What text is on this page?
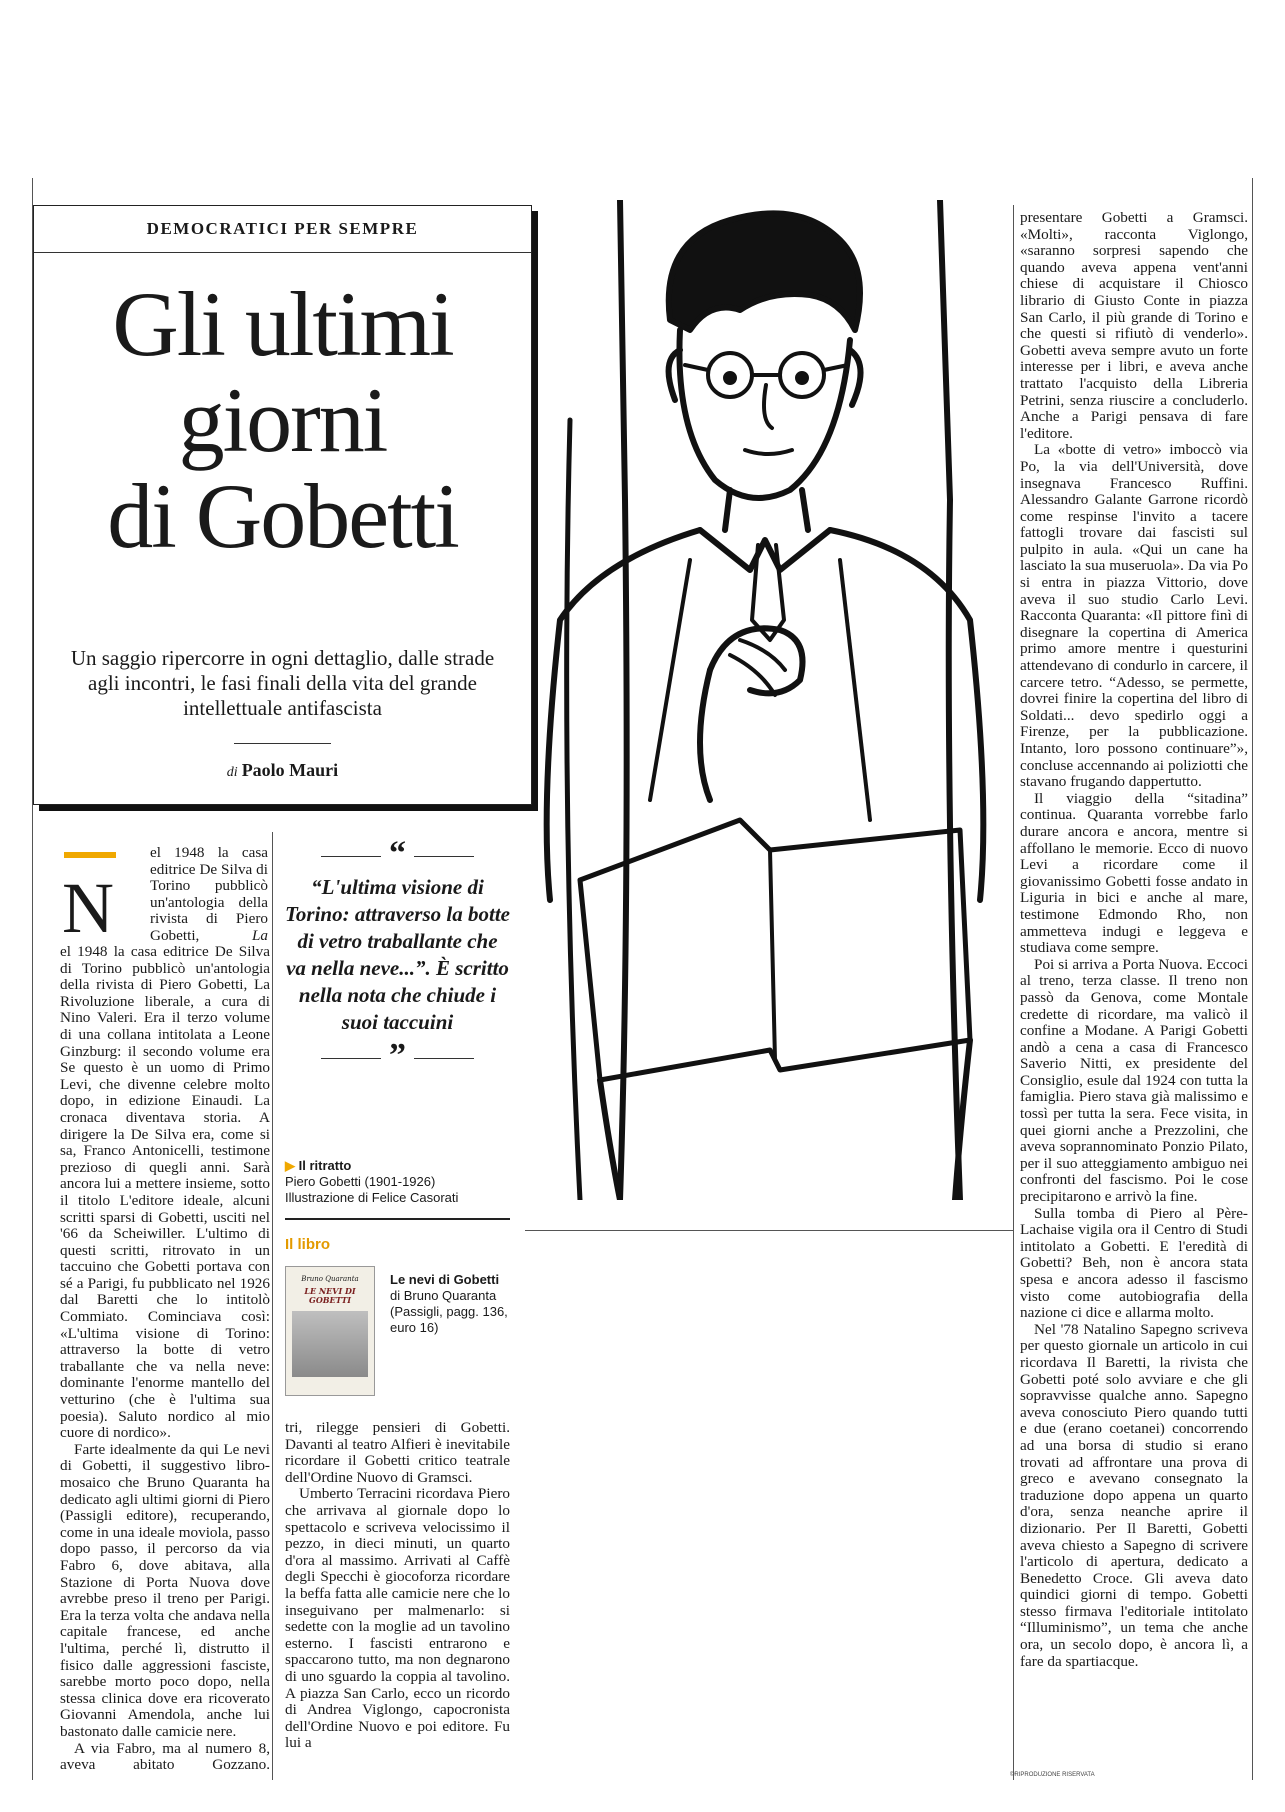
DEMOCRATICI PER SEMPRE
Gli ultimi
giorni
di Gobetti
Un saggio ripercorre in ogni dettaglio, dalle strade agli incontri, le fasi finali della vita del grande intellettuale antifascista
di Paolo Mauri
N

el 1948 la casa editrice De Silva di Torino pubblicò un'antologia della rivista di Piero Gobetti, La

el 1948 la casa editrice De Silva di Torino pubblicò un'antologia della rivista di Piero Gobetti, La Rivoluzione liberale, a cura di Nino Valeri. Era il terzo volume di una collana intitolata a Leone Ginzburg: il secondo volume era Se questo è un uomo di Primo Levi, che divenne celebre molto dopo, in edizione Einaudi. La cronaca diventava storia. A dirigere la De Silva era, come si sa, Franco Antonicelli, testimone prezioso di quegli anni. Sarà ancora lui a mettere insieme, sotto il titolo L'editore ideale, alcuni scritti sparsi di Gobetti, usciti nel '66 da Scheiwiller. L'ultimo di questi scritti, ritrovato in un taccuino che Gobetti portava con sé a Parigi, fu pubblicato nel 1926 dal Baretti che lo intitolò Commiato. Cominciava così: «L'ultima visione di Torino: attraverso la botte di vetro traballante che va nella neve: dominante l'enorme mantello del vetturino (che è l'ultima sua poesia). Saluto nordico al mio cuore di nordico».

Farte idealmente da qui Le nevi di Gobetti, il suggestivo libro-mosaico che Bruno Quaranta ha dedicato agli ultimi giorni di Piero (Passigli editore), recuperando, come in una ideale moviola, passo dopo passo, il percorso da via Fabro 6, dove abitava, alla Stazione di Porta Nuova dove avrebbe preso il treno per Parigi. Era la terza volta che andava nella capitale francese, ed anche l'ultima, perché lì, distrutto il fisico dalle aggressioni fasciste, sarebbe morto poco dopo, nella stessa clinica dove era ricoverato Giovanni Amendola, anche lui bastonato dalle camicie nere.

A via Fabro, ma al numero 8, aveva abitato Gozzano.

“
“L'ultima visione di Torino: attraverso la botte di vetro traballante che va nella neve...”. È scritto nella nota che chiude i suoi taccuini
”
▶ Il ritratto
Piero Gobetti (1901-1926)
Illustrazione di Felice Casorati
Il libro
Bruno Quaranta
LE NEVI DI GOBETTI
Le nevi di Gobetti
di Bruno Quaranta (Passigli, pagg. 136, euro 16)

tri, rilegge pensieri di Gobetti. Davanti al teatro Alfieri è inevitabile ricordare il Gobetti critico teatrale dell'Ordine Nuovo di Gramsci.

Umberto Terracini ricordava Piero che arrivava al giornale dopo lo spettacolo e scriveva velocissimo il pezzo, in dieci minuti, un quarto d'ora al massimo. Arrivati al Caffè degli Specchi è giocoforza ricordare la beffa fatta alle camicie nere che lo inseguivano per malmenarlo: si sedette con la moglie ad un tavolino esterno. I fascisti entrarono e spaccarono tutto, ma non degnarono di uno sguardo la coppia al tavolino. A piazza San Carlo, ecco un ricordo di Andrea Viglongo, capocronista dell'Ordine Nuovo e poi editore. Fu lui a

presentare Gobetti a Gramsci. «Molti», racconta Viglongo, «saranno sorpresi sapendo che quando aveva appena vent'anni chiese di acquistare il Chiosco librario di Giusto Conte in piazza San Carlo, il più grande di Torino e che questi si rifiutò di venderlo». Gobetti aveva sempre avuto un forte interesse per i libri, e aveva anche trattato l'acquisto della Libreria Petrini, senza riuscire a concluderlo. Anche a Parigi pensava di fare l'editore.

La «botte di vetro» imboccò via Po, la via dell'Università, dove insegnava Francesco Ruffini. Alessandro Galante Garrone ricordò come respinse l'invito a tacere fattogli trovare dai fascisti sul pulpito in aula. «Qui un cane ha lasciato la sua museruola». Da via Po si entra in piazza Vittorio, dove aveva il suo studio Carlo Levi. Racconta Quaranta: «Il pittore finì di disegnare la copertina di America primo amore mentre i questurini attendevano di condurlo in carcere, il carcere tetro. “Adesso, se permette, dovrei finire la copertina del libro di Soldati... devo spedirlo oggi a Firenze, per la pubblicazione. Intanto, loro possono continuare”», concluse accennando ai poliziotti che stavano frugando dappertutto.

Il viaggio della “sitadina” continua. Quaranta vorrebbe farlo durare ancora e ancora, mentre si affollano le memorie. Ecco di nuovo Levi a ricordare come il giovanissimo Gobetti fosse andato in Liguria in bici e anche al mare, testimone Edmondo Rho, non ammetteva indugi e leggeva e studiava come sempre.

Poi si arriva a Porta Nuova. Eccoci al treno, terza classe. Il treno non passò da Genova, come Montale credette di ricordare, ma valicò il confine a Modane. A Parigi Gobetti andò a cena a casa di Francesco Saverio Nitti, ex presidente del Consiglio, esule dal 1924 con tutta la famiglia. Piero stava già malissimo e tossì per tutta la sera. Fece visita, in quei giorni anche a Prezzolini, che aveva soprannominato Ponzio Pilato, per il suo atteggiamento ambiguo nei confronti del fascismo. Poi le cose precipitarono e arrivò la fine.

Sulla tomba di Piero al Père-Lachaise vigila ora il Centro di Studi intitolato a Gobetti. E l'eredità di Gobetti? Beh, non è ancora stata spesa e ancora adesso il fascismo visto come autobiografia della nazione ci dice e allarma molto.

Nel '78 Natalino Sapegno scriveva per questo giornale un articolo in cui ricordava Il Baretti, la rivista che Gobetti poté solo avviare e che gli sopravvisse qualche anno. Sapegno aveva conosciuto Piero quando tutti e due (erano coetanei) concorrendo ad una borsa di studio si erano trovati ad affrontare una prova di greco e avevano consegnato la traduzione dopo appena un quarto d'ora, senza neanche aprire il dizionario. Per Il Baretti, Gobetti aveva chiesto a Sapegno di scrivere l'articolo di apertura, dedicato a Benedetto Croce. Gli aveva dato quindici giorni di tempo. Gobetti stesso firmava l'editoriale intitolato “Illuminismo”, un tema che anche ora, un secolo dopo, è ancora lì, a fare da spartiacque.

©RIPRODUZIONE RISERVATA
